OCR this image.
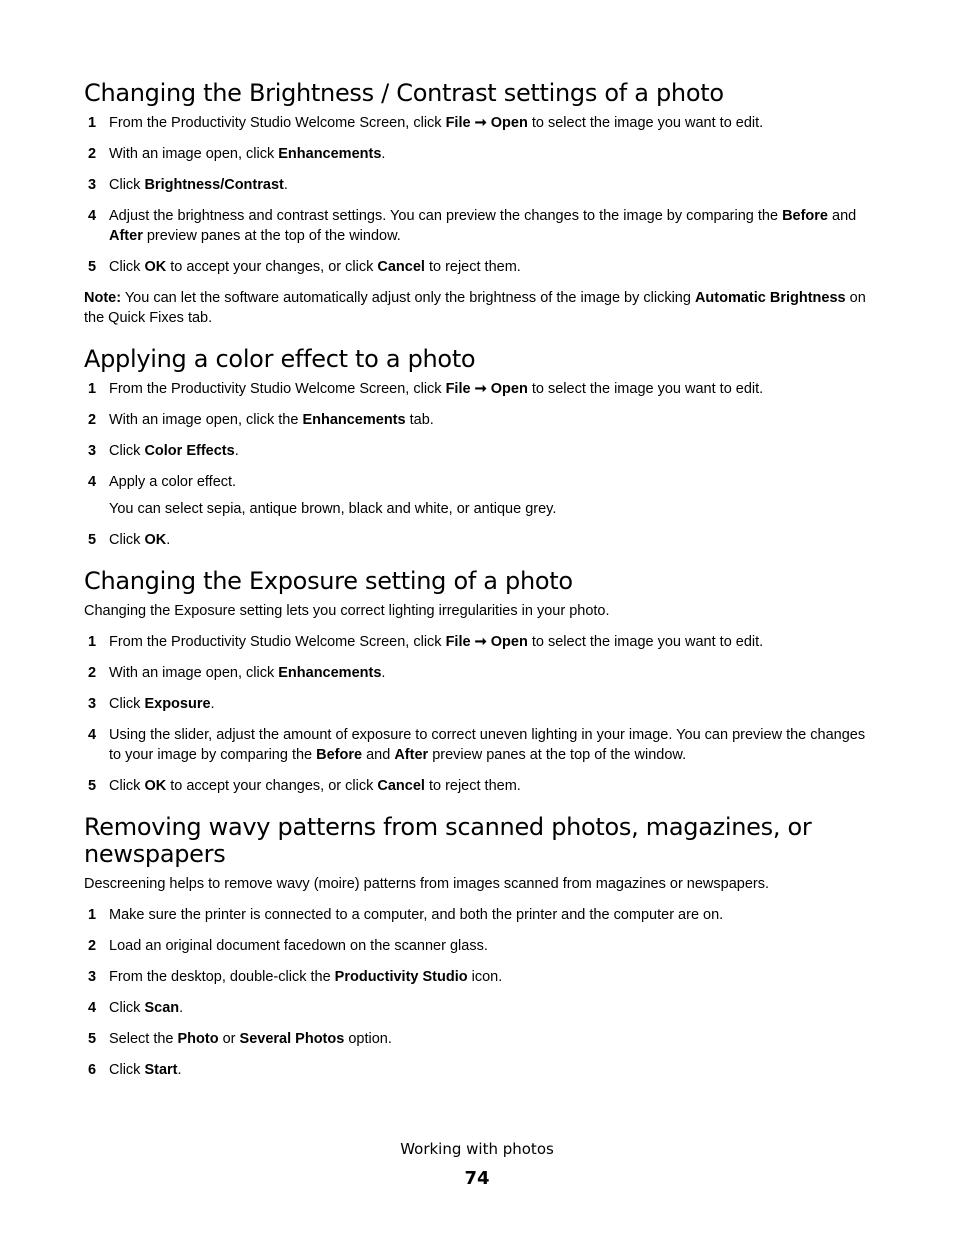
Changing the Brightness / Contrast settings of a photo
1 From the Productivity Studio Welcome Screen, click File ➞ Open to select the image you want to edit.
2 With an image open, click Enhancements.
3 Click Brightness/Contrast.
4 Adjust the brightness and contrast settings. You can preview the changes to the image by comparing the Before and After preview panes at the top of the window.
5 Click OK to accept your changes, or click Cancel to reject them.

Note: You can let the software automatically adjust only the brightness of the image by clicking Automatic Brightness on the Quick Fixes tab.

Applying a color effect to a photo
1 From the Productivity Studio Welcome Screen, click File ➞ Open to select the image you want to edit.
2 With an image open, click the Enhancements tab.
3 Click Color Effects.
4 Apply a color effect.
You can select sepia, antique brown, black and white, or antique grey.
5 Click OK.
Changing the Exposure setting of a photo

Changing the Exposure setting lets you correct lighting irregularities in your photo.

1 From the Productivity Studio Welcome Screen, click File ➞ Open to select the image you want to edit.
2 With an image open, click Enhancements.
3 Click Exposure.
4 Using the slider, adjust the amount of exposure to correct uneven lighting in your image. You can preview the changes to your image by comparing the Before and After preview panes at the top of the window.
5 Click OK to accept your changes, or click Cancel to reject them.
Removing wavy patterns from scanned photos, magazines, or newspapers

Descreening helps to remove wavy (moire) patterns from images scanned from magazines or newspapers.

1 Make sure the printer is connected to a computer, and both the printer and the computer are on.
2 Load an original document facedown on the scanner glass.
3 From the desktop, double-click the Productivity Studio icon.
4 Click Scan.
5 Select the Photo or Several Photos option.
6 Click Start.
Working with photos
74
